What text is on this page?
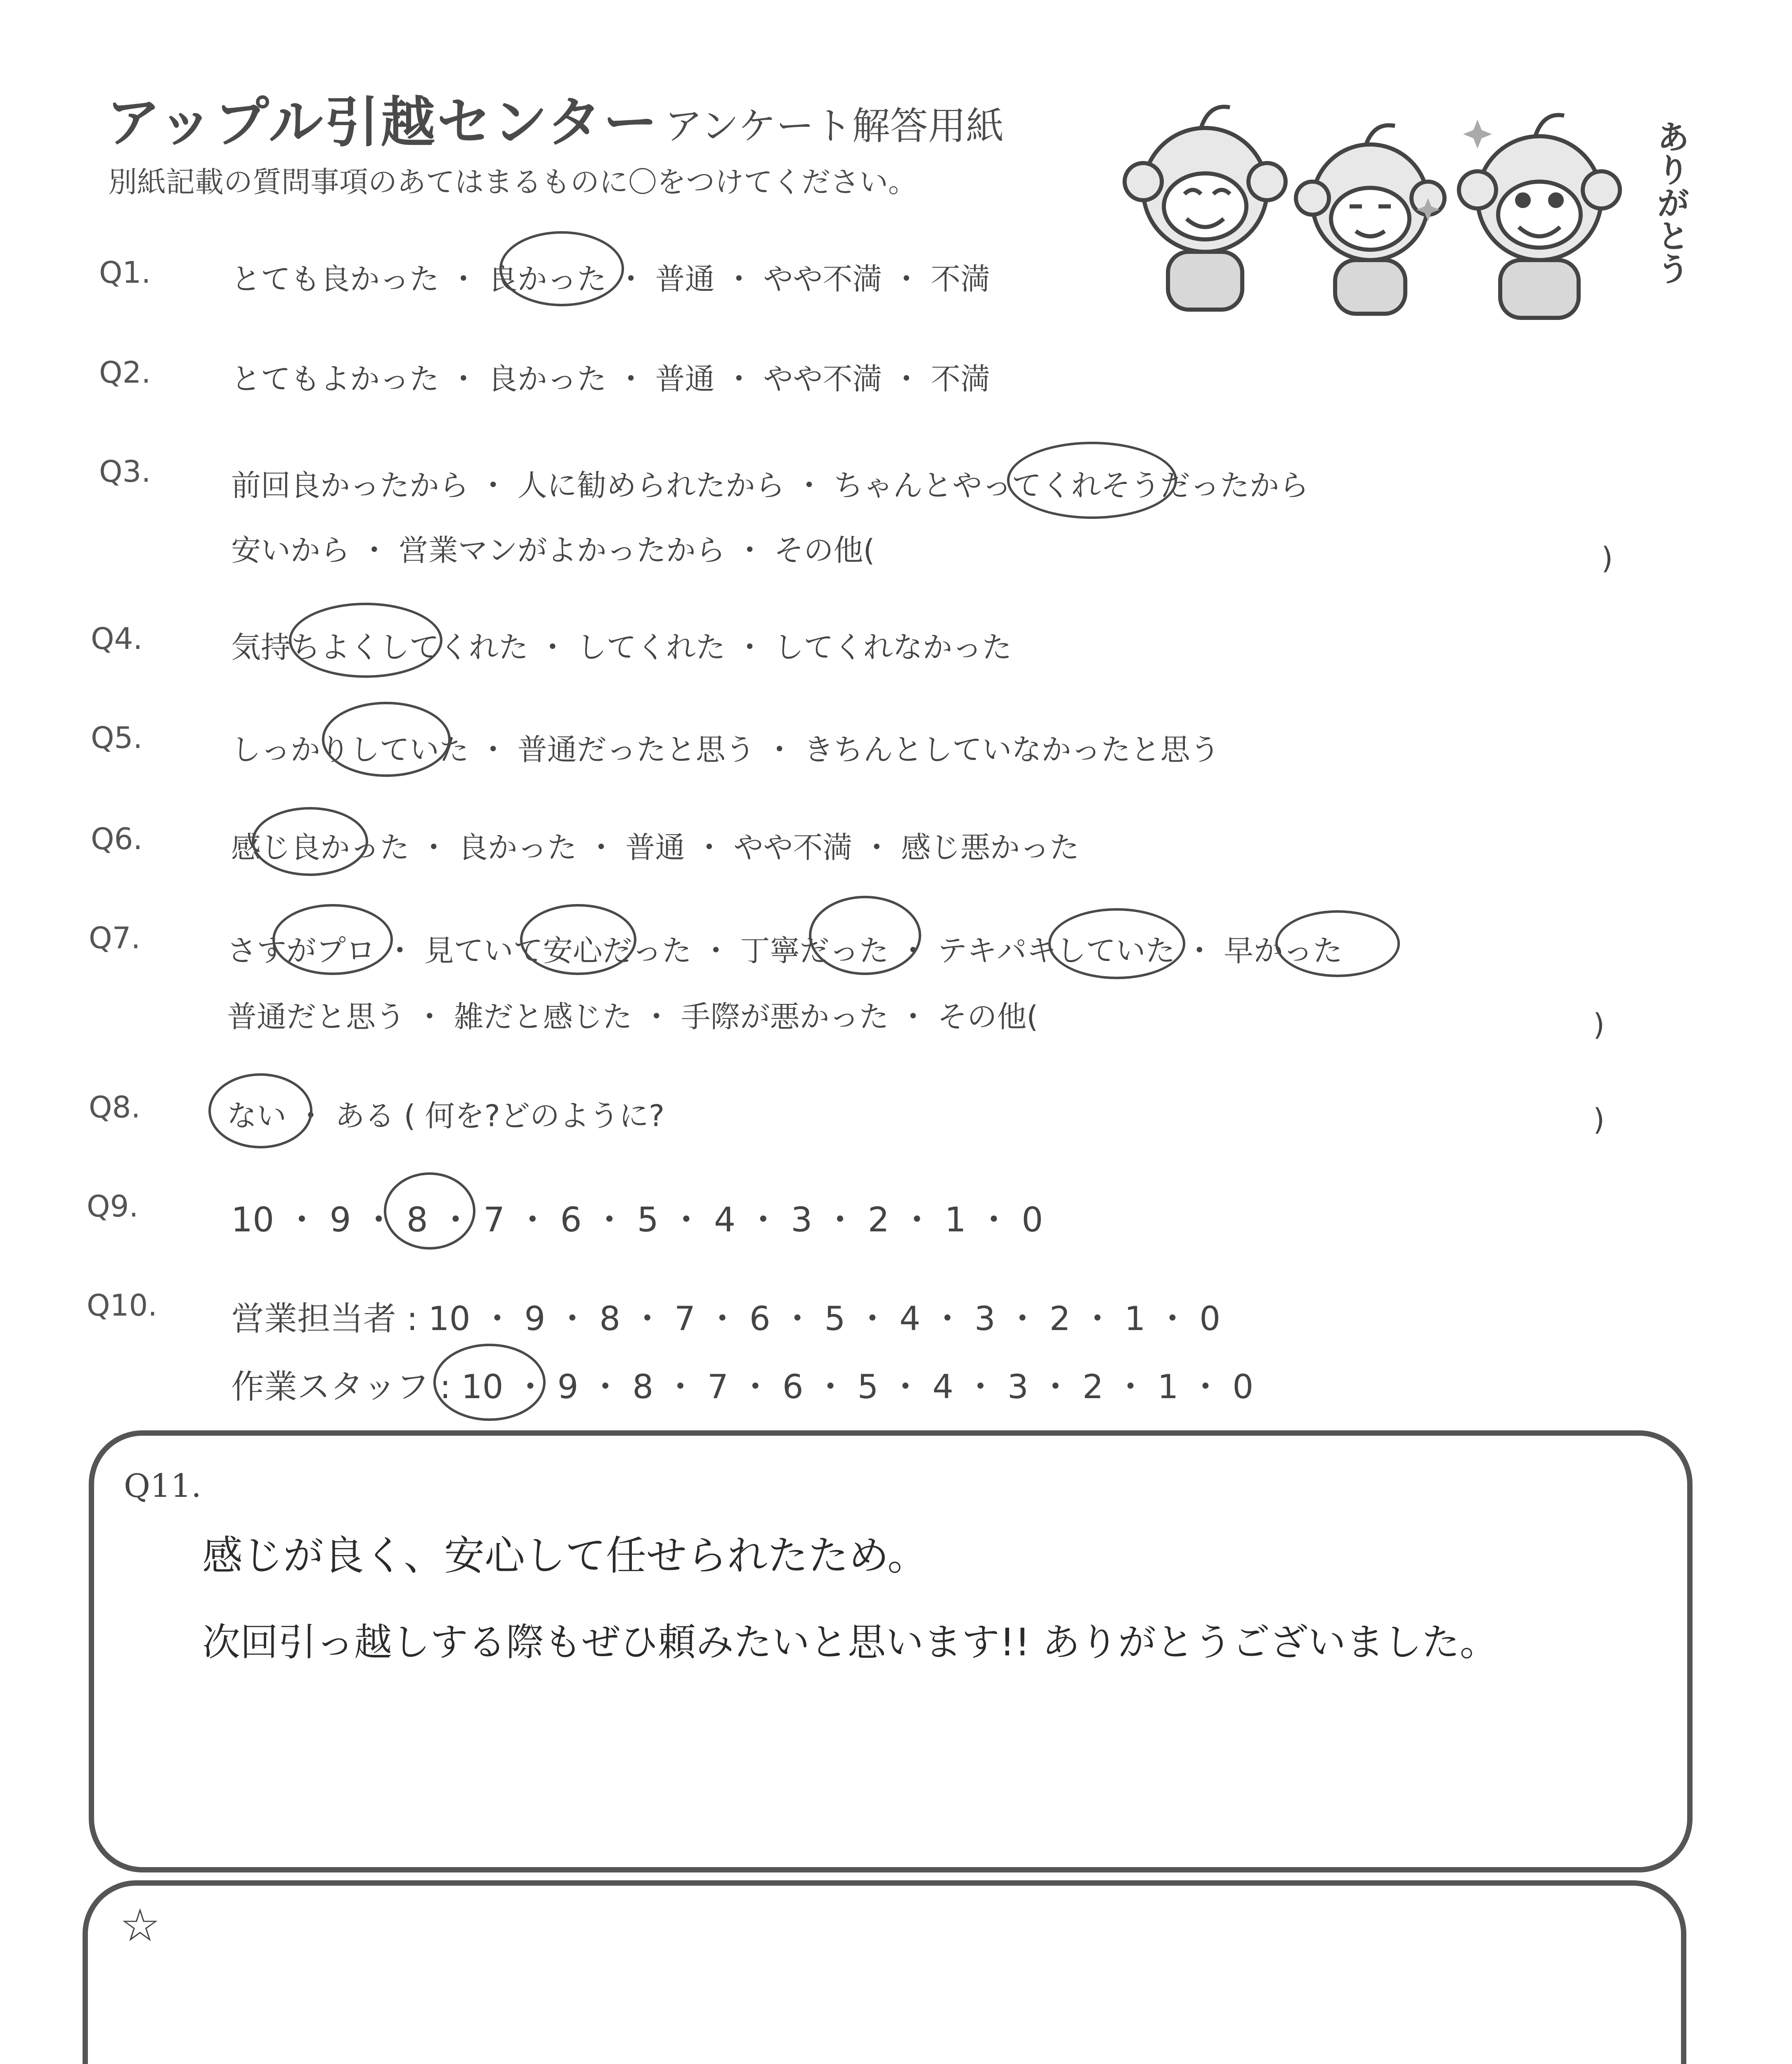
アップル引越センター アンケート解答用紙
別紙記載の質問事項のあてはまるものに〇をつけてください。	ありがとう
Q1.	とても良かった ・ 良かった ・ 普通 ・ やや不満 ・ 不満
Q2.	とてもよかった ・ 良かった ・ 普通 ・ やや不満 ・ 不満
Q3.	前回良かったから ・ 人に勧められたから ・ ちゃんとやってくれそうだったから
安いから ・ 営業マンがよかったから ・ その他(	)
Q4.	気持ちよくしてくれた ・ してくれた ・ してくれなかった
Q5.	しっかりしていた ・ 普通だったと思う ・ きちんとしていなかったと思う
Q6.	感じ良かった ・ 良かった ・ 普通 ・ やや不満 ・ 感じ悪かった
Q7.	さすがプロ ・ 見ていて安心だった ・ 丁寧だった ・ テキパキしていた ・ 早かった
普通だと思う ・ 雑だと感じた ・ 手際が悪かった ・ その他(	)
Q8.	ない ・ ある ( 何を?どのように?	)
Q9.	10 ・ 9 ・ 8 ・ 7 ・ 6 ・ 5 ・ 4 ・ 3 ・ 2 ・ 1 ・ 0
Q10. 営業担当者 : 10 ・ 9 ・ 8 ・ 7 ・ 6 ・ 5 ・ 4 ・ 3 ・ 2 ・ 1 ・ 0
作業スタッフ : 10 ・ 9 ・ 8 ・ 7 ・ 6 ・ 5 ・ 4 ・ 3 ・ 2 ・ 1 ・ 0
Q11.
感じが良く、安心して任せられたため。
次回引っ越しする際もぜひ頼みたいと思います!! ありがとうございました。
☆
